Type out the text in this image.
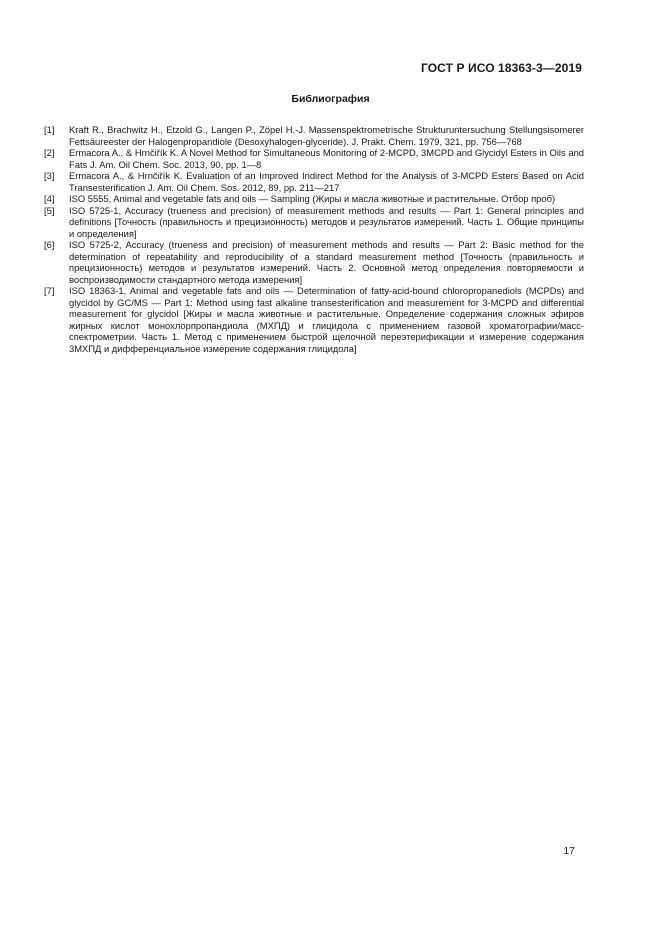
ГОСТ Р ИСО 18363-3—2019
Библиография
[1]	Kraft R., Brachwitz H., Etzold G., Langen P., Zöpel H.-J. Massenspektrometrische Strukturuntersuchung Stellungsisomerer Fettsäureester der Halogenpropandiole (Desoxyhalogen-glyceride). J. Prakt. Chem. 1979, 321, pp. 756—768
[2]	Ermacora A., & Hrnčiřík K. A Novel Method for Simultaneous Monitoring of 2-MCPD, 3MCPD and Glycidyl Esters in Oils and Fats J. Am. Oil Chem. Soc. 2013, 90, pp. 1—8
[3]	Ermacora A., & Hrnčiřík K. Evaluation of an Improved Indirect Method for the Analysis of 3-MCPD Esters Based on Acid Transesterification J. Am. Oil Chem. Sos. 2012, 89, pp. 211—217
[4]	ISO 5555, Animal and vegetable fats and oils — Sampling (Жиры и масла животные и растительные. Отбор проб)
[5]	ISO 5725-1, Accuracy (trueness and precision) of measurement methods and results — Part 1: General principles and definitions [Точность (правильность и прецизионность) методов и результатов измерений. Часть 1. Общие принципы и определения]
[6]	ISO 5725-2, Accuracy (trueness and precision) of measurement methods and results — Part 2: Basic method for the determination of repeatability and reproducibility of a standard measurement method [Точность (правильность и прецизионность) методов и результатов измерений. Часть 2. Основной метод определения повторяемости и воспроизводимости стандартного метода измерения]
[7]	ISO 18363-1, Animal and vegetable fats and oils — Determination of fatty-acid-bound chloropropanediols (MCPDs) and glycidol by GC/MS — Part 1: Method using fast alkaline transesterification and measurement for 3-MCPD and differential measurement for glycidol [Жиры и масла животные и растительные. Определение содержания сложных эфиров жирных кислот монохлорпропандиола (МХПД) и глицидола с применением газовой хроматографии/масс-спектрометрии. Часть 1. Метод с применением быстрой щелочной переэтерификации и измерение содержания 3МХПД и дифференциальное измерение содержания глицидола]
17
